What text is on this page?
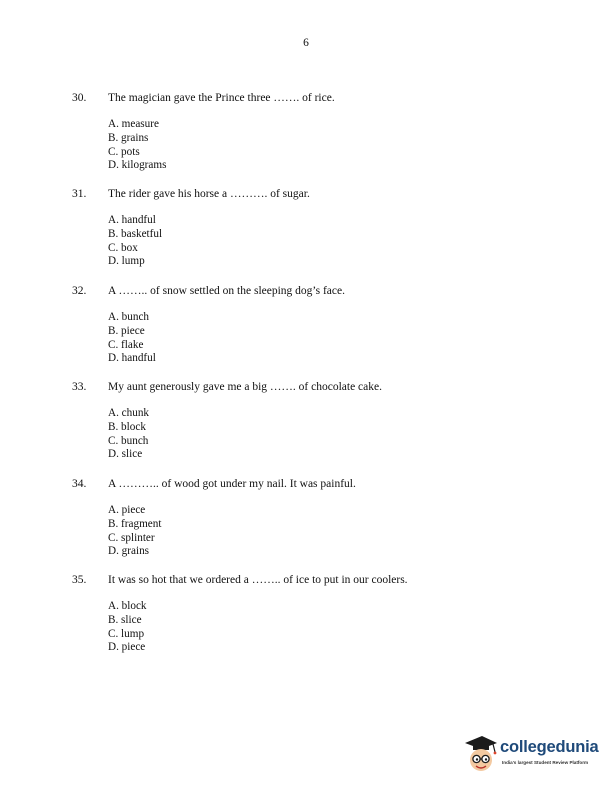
6
30.	The magician gave the Prince three ……. of rice.
A. measure
B. grains
C. pots
D. kilograms
31.	The rider gave his horse a ………. of sugar.
A. handful
B. basketful
C. box
D. lump
32.	A …….. of snow settled on the sleeping dog’s face.
A. bunch
B. piece
C. flake
D. handful
33.	My aunt generously gave me a big ……. of chocolate cake.
A. chunk
B. block
C. bunch
D. slice
34.	A ……….. of wood got under my nail. It was painful.
A. piece
B. fragment
C. splinter
D. grains
35.	It was so hot that we ordered a …….. of ice to put in our coolers.
A. block
B. slice
C. lump
D. piece
collegedunia
India's largest Student Review Platform
